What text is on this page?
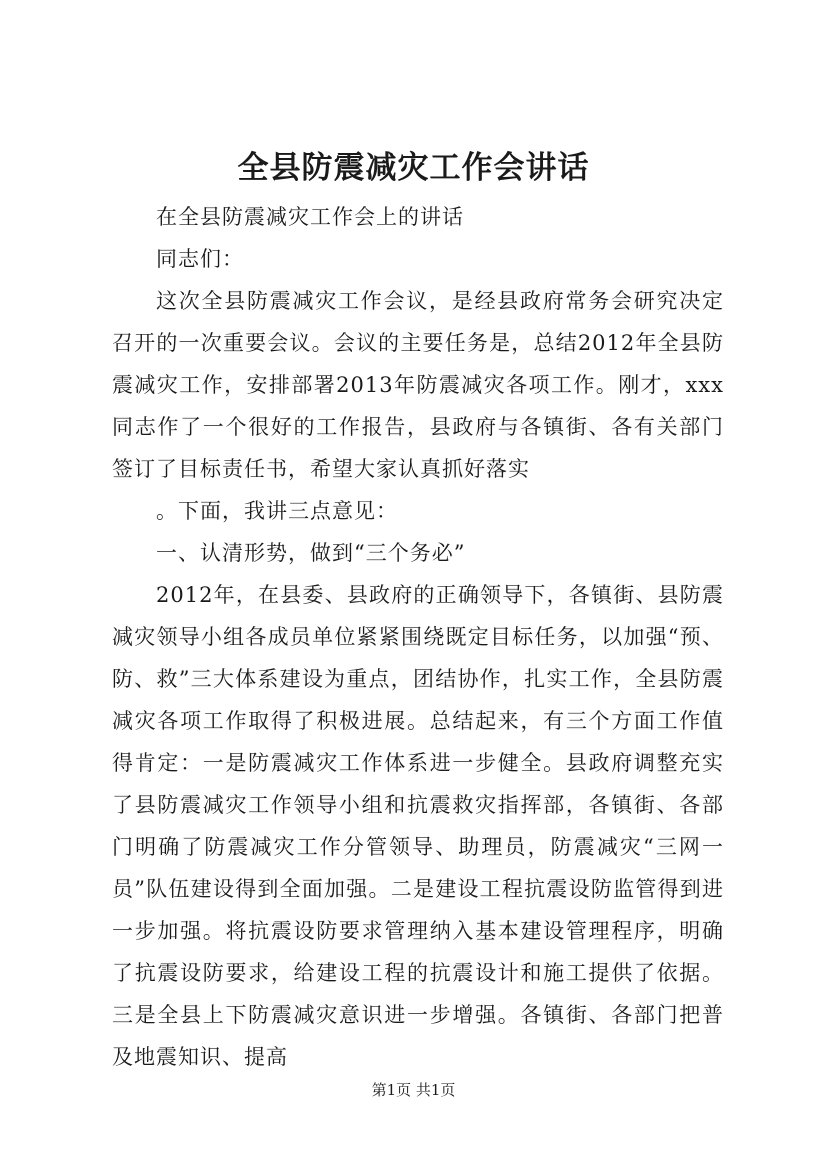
全县防震减灾工作会讲话

在全县防震减灾工作会上的讲话

同志们：

这次全县防震减灾工作会议，是经县政府常务会研究决定召开的一次重要会议。会议的主要任务是，总结2012年全县防震减灾工作，安排部署2013年防震减灾各项工作。刚才，xxx同志作了一个很好的工作报告，县政府与各镇街、各有关部门签订了目标责任书，希望大家认真抓好落实

。下面，我讲三点意见：

一、认清形势，做到“三个务必”

2012年，在县委、县政府的正确领导下，各镇街、县防震减灾领导小组各成员单位紧紧围绕既定目标任务，以加强“预、防、救”三大体系建设为重点，团结协作，扎实工作，全县防震减灾各项工作取得了积极进展。总结起来，有三个方面工作值得肯定：一是防震减灾工作体系进一步健全。县政府调整充实了县防震减灾工作领导小组和抗震救灾指挥部，各镇街、各部门明确了防震减灾工作分管领导、助理员，防震减灾“三网一员”队伍建设得到全面加强。二是建设工程抗震设防监管得到进一步加强。将抗震设防要求管理纳入基本建设管理程序，明确了抗震设防要求，给建设工程的抗震设计和施工提供了依据。三是全县上下防震减灾意识进一步增强。各镇街、各部门把普及地震知识、提高

第1页 共1页
